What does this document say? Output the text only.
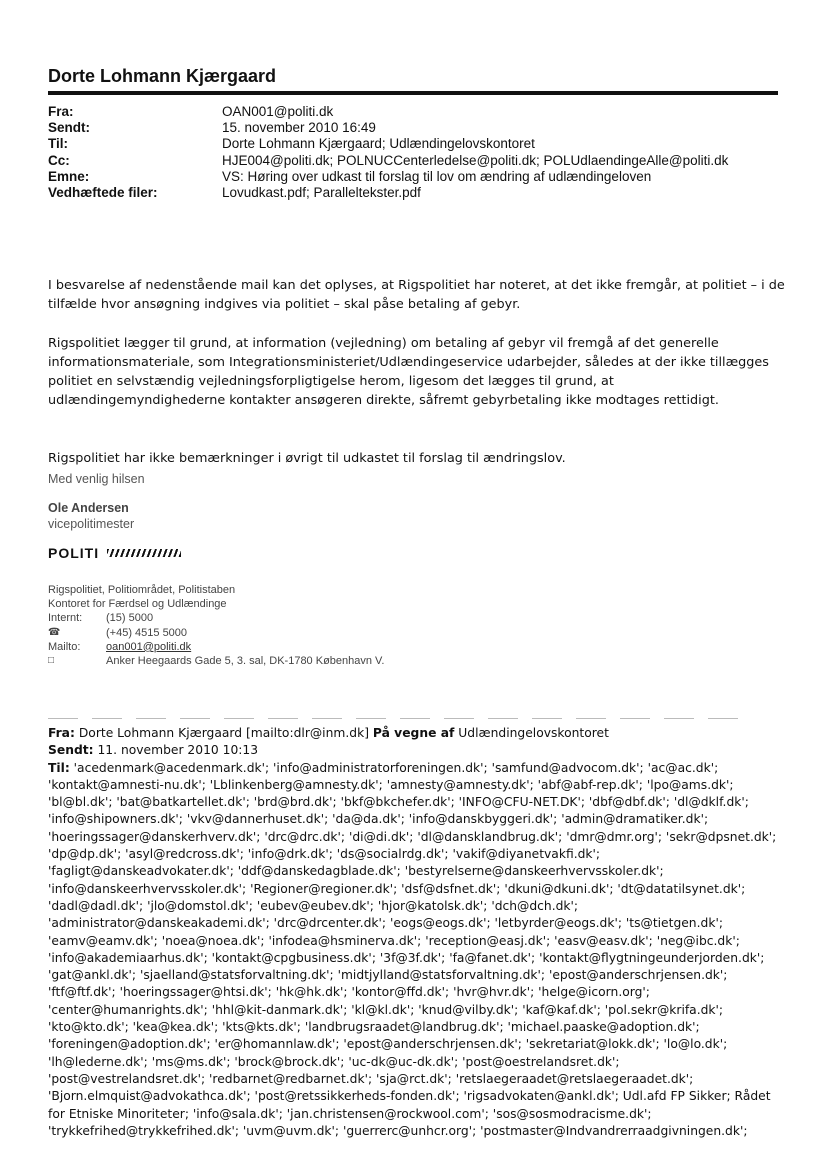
Dorte Lohmann Kjærgaard
Fra:	OAN001@politi.dk
Sendt:	15. november 2010 16:49
Til:	Dorte Lohmann Kjærgaard; Udlændingelovskontoret
Cc:	HJE004@politi.dk; POLNUCCenterledelse@politi.dk; POLUdlaendingeAlle@politi.dk
Emne:	VS: Høring over udkast til forslag til lov om ændring af udlændingeloven
Vedhæftede filer:	Lovudkast.pdf; Paralleltekster.pdf
I besvarelse af nedenstående mail kan det oplyses, at Rigspolitiet har noteret, at det ikke fremgår, at politiet – i de tilfælde hvor ansøgning indgives via politiet – skal påse betaling af gebyr.
Rigspolitiet lægger til grund, at information (vejledning) om betaling af gebyr vil fremgå af det generelle informationsmateriale, som Integrationsministeriet/Udlændingeservice udarbejder, således at der ikke tillægges politiet en selvstændig vejledningsforpligtigelse herom, ligesom det lægges til grund, at udlændingemyndighederne kontakter ansøgeren direkte, såfremt gebyrbetaling ikke modtages rettidigt.
Rigspolitiet har ikke bemærkninger i øvrigt til udkastet til forslag til ændringslov.
Med venlig hilsen
Ole Andersen
vicepolitimester
POLITI
Rigspolitiet, Politiområdet, Politistaben
Kontoret for Færdsel og Udlændinge
Internt:	(15) 5000
☎	(+45) 4515 5000
Mailto:	oan001@politi.dk
□	Anker Heegaards Gade 5, 3. sal, DK-1780 København V.
Fra: Dorte Lohmann Kjærgaard [mailto:dlr@inm.dk] På vegne af Udlændingelovskontoret
Sendt: 11. november 2010 10:13
Til: 'acedenmark@acedenmark.dk'; 'info@administratorforeningen.dk'; 'samfund@advocom.dk'; 'ac@ac.dk';
'kontakt@amnesti-nu.dk'; 'Lblinkenberg@amnesty.dk'; 'amnesty@amnesty.dk'; 'abf@abf-rep.dk'; 'lpo@ams.dk';
'bl@bl.dk'; 'bat@batkartellet.dk'; 'brd@brd.dk'; 'bkf@bkchefer.dk'; 'INFO@CFU-NET.DK'; 'dbf@dbf.dk'; 'dl@dklf.dk';
'info@shipowners.dk'; 'vkv@dannerhuset.dk'; 'da@da.dk'; 'info@danskbyggeri.dk'; 'admin@dramatiker.dk';
'hoeringssager@danskerhverv.dk'; 'drc@drc.dk'; 'di@di.dk'; 'dl@dansklandbrug.dk'; 'dmr@dmr.org'; 'sekr@dpsnet.dk';
'dp@dp.dk'; 'asyl@redcross.dk'; 'info@drk.dk'; 'ds@socialrdg.dk'; 'vakif@diyanetvakfi.dk';
'fagligt@danskeadvokater.dk'; 'ddf@danskedagblade.dk'; 'bestyrelserne@danskeerhvervsskoler.dk';
'info@danskeerhvervsskoler.dk'; 'Regioner@regioner.dk'; 'dsf@dsfnet.dk'; 'dkuni@dkuni.dk'; 'dt@datatilsynet.dk';
'dadl@dadl.dk'; 'jlo@domstol.dk'; 'eubev@eubev.dk'; 'hjor@katolsk.dk'; 'dch@dch.dk';
'administrator@danskeakademi.dk'; 'drc@drcenter.dk'; 'eogs@eogs.dk'; 'letbyrder@eogs.dk'; 'ts@tietgen.dk';
'eamv@eamv.dk'; 'noea@noea.dk'; 'infodea@hsminerva.dk'; 'reception@easj.dk'; 'easv@easv.dk'; 'neg@ibc.dk';
'info@akademiaarhus.dk'; 'kontakt@cpgbusiness.dk'; '3f@3f.dk'; 'fa@fanet.dk'; 'kontakt@flygtningeunderjorden.dk';
'gat@ankl.dk'; 'sjaelland@statsforvaltning.dk'; 'midtjylland@statsforvaltning.dk'; 'epost@anderschrjensen.dk';
'ftf@ftf.dk'; 'hoeringssager@htsi.dk'; 'hk@hk.dk'; 'kontor@ffd.dk'; 'hvr@hvr.dk'; 'helge@icorn.org';
'center@humanrights.dk'; 'hhl@kit-danmark.dk'; 'kl@kl.dk'; 'knud@vilby.dk'; 'kaf@kaf.dk'; 'pol.sekr@krifa.dk';
'kto@kto.dk'; 'kea@kea.dk'; 'kts@kts.dk'; 'landbrugsraadet@landbrug.dk'; 'michael.paaske@adoption.dk';
'foreningen@adoption.dk'; 'er@homannlaw.dk'; 'epost@anderschrjensen.dk'; 'sekretariat@lokk.dk'; 'lo@lo.dk';
'lh@lederne.dk'; 'ms@ms.dk'; 'brock@brock.dk'; 'uc-dk@uc-dk.dk'; 'post@oestrelandsret.dk';
'post@vestrelandsret.dk'; 'redbarnet@redbarnet.dk'; 'sja@rct.dk'; 'retslaegeraadet@retslaegeraadet.dk';
'Bjorn.elmquist@advokathca.dk'; 'post@retssikkerheds-fonden.dk'; 'rigsadvokaten@ankl.dk'; Udl.afd FP Sikker; Rådet
for Etniske Minoriteter; 'info@sala.dk'; 'jan.christensen@rockwool.com'; 'sos@sosmodracisme.dk';
'trykkefrihed@trykkefrihed.dk'; 'uvm@uvm.dk'; 'guerrerc@unhcr.org'; 'postmaster@Indvandrerraadgivningen.dk';
